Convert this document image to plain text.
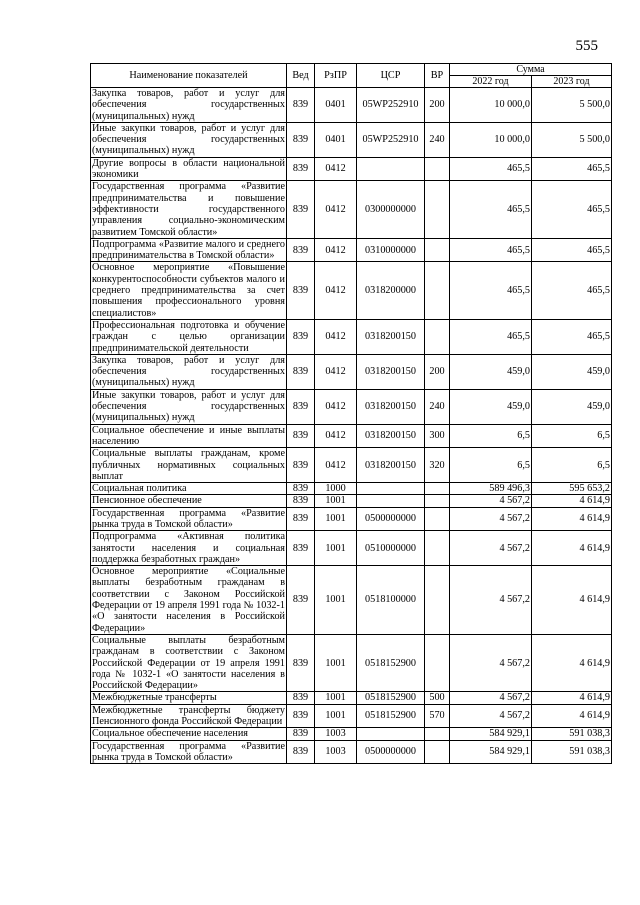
555
Наименование показателей	Вед	РзПР	ЦСР	ВР	Сумма	
					2022 год	2023 год
Закупка товаров, работ и услуг для обеспечения государственных (муниципальных) нужд	839	0401	05WP252910	200	10 000,0	5 500,0
Иные закупки товаров, работ и услуг для обеспечения государственных (муниципальных) нужд	839	0401	05WP252910	240	10 000,0	5 500,0
Другие вопросы в области национальной экономики	839	0412			465,5	465,5
Государственная программа «Развитие предпринимательства и повышение эффективности государственного управления социально-экономическим развитием Томской области»	839	0412	0300000000		465,5	465,5
Подпрограмма «Развитие малого и среднего предпринимательства в Томской области»	839	0412	0310000000		465,5	465,5
Основное мероприятие «Повышение конкурентоспособности субъектов малого и среднего предпринимательства за счет повышения профессионального уровня специалистов»	839	0412	0318200000		465,5	465,5
Профессиональная подготовка и обучение граждан с целью организации предпринимательской деятельности	839	0412	0318200150		465,5	465,5
Закупка товаров, работ и услуг для обеспечения государственных (муниципальных) нужд	839	0412	0318200150	200	459,0	459,0
Иные закупки товаров, работ и услуг для обеспечения государственных (муниципальных) нужд	839	0412	0318200150	240	459,0	459,0
Социальное обеспечение и иные выплаты населению	839	0412	0318200150	300	6,5	6,5
Социальные выплаты гражданам, кроме публичных нормативных социальных выплат	839	0412	0318200150	320	6,5	6,5
Социальная политика	839	1000			589 496,3	595 653,2
Пенсионное обеспечение	839	1001			4 567,2	4 614,9
Государственная программа «Развитие рынка труда в Томской области»	839	1001	0500000000		4 567,2	4 614,9
Подпрограмма «Активная политика занятости населения и социальная поддержка безработных граждан»	839	1001	0510000000		4 567,2	4 614,9
Основное мероприятие «Социальные выплаты безработным гражданам в соответствии с Законом Российской Федерации от 19 апреля 1991 года № 1032-1 «О занятости населения в Российской Федерации»	839	1001	0518100000		4 567,2	4 614,9
Социальные выплаты безработным гражданам в соответствии с Законом Российской Федерации от 19 апреля 1991 года № 1032-1 «О занятости населения в Российской Федерации»	839	1001	0518152900		4 567,2	4 614,9
Межбюджетные трансферты	839	1001	0518152900	500	4 567,2	4 614,9
Межбюджетные трансферты бюджету Пенсионного фонда Российской Федерации	839	1001	0518152900	570	4 567,2	4 614,9
Социальное обеспечение населения	839	1003			584 929,1	591 038,3
Государственная программа «Развитие рынка труда в Томской области»	839	1003	0500000000		584 929,1	591 038,3
